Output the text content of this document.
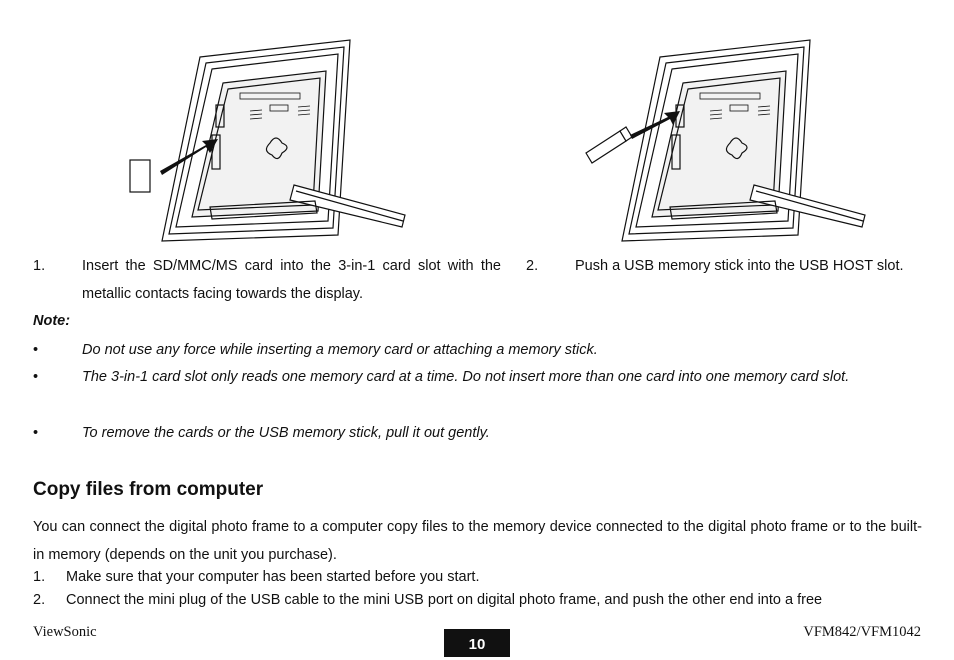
1.	Insert the SD/MMC/MS card into the 3-in-1 card slot with the metallic contacts facing towards the display.
2.	Push a USB memory stick into the USB HOST slot.
Note:
•	Do not use any force while inserting a memory card or attaching a memory stick.
•	The 3-in-1 card slot only reads one memory card at a time. Do not insert more than one card into one memory card slot.
•	To remove the cards or the USB memory stick, pull it out gently.
Copy files from computer
You can connect the digital photo frame to a computer copy files to the memory device connected to the digital photo frame or to the built-in memory (depends on the unit you purchase).
1. Make sure that your computer has been started before you start.
2. Connect the mini plug of the USB cable to the mini USB port on digital photo frame, and push the other end into a free
ViewSonic
10
VFM842/VFM1042
